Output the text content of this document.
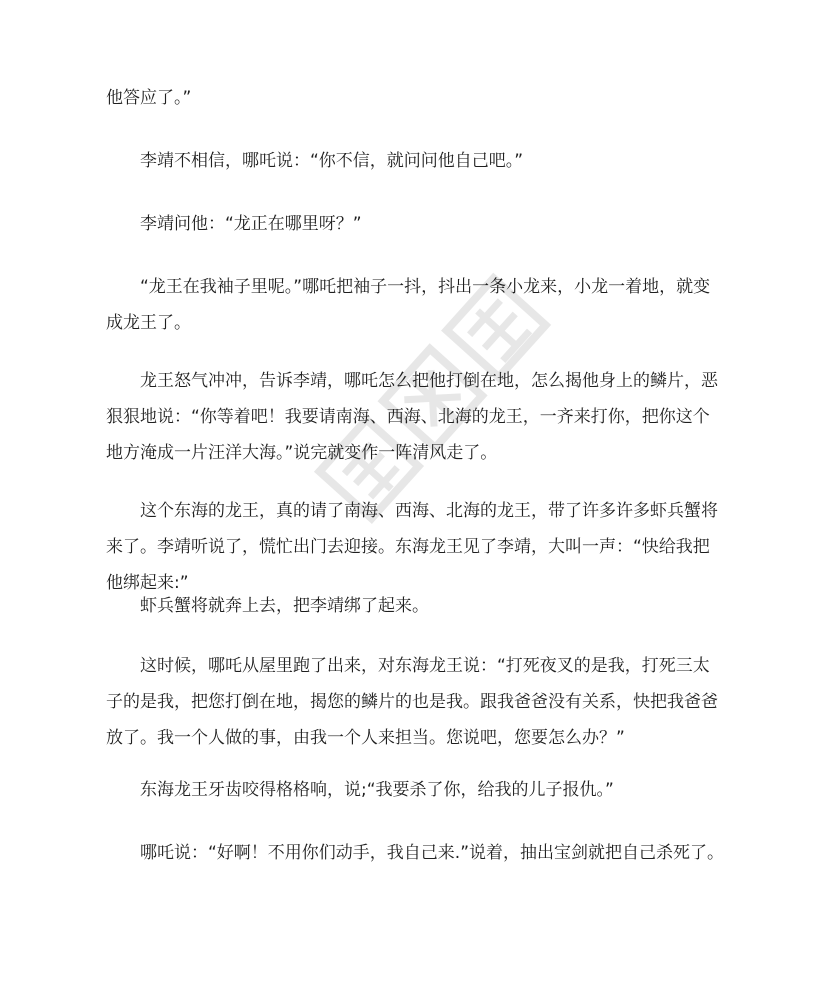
他答应了。”

李靖不相信，哪吒说：“你不信，就问问他自己吧。”

李靖问他：“龙正在哪里呀？”

“龙王在我袖子里呢。”哪吒把袖子一抖，抖出一条小龙来，小龙一着地，就变成龙王了。

龙王怒气冲冲，告诉李靖，哪吒怎么把他打倒在地，怎么揭他身上的鳞片，恶狠狠地说：“你等着吧！我要请南海、西海、北海的龙王，一齐来打你，把你这个地方淹成一片汪洋大海。”说完就变作一阵清风走了。

这个东海的龙王，真的请了南海、西海、北海的龙王，带了许多许多虾兵蟹将来了。李靖听说了，慌忙出门去迎接。东海龙王见了李靖，大叫一声：“快给我把他绑起来:”

虾兵蟹将就奔上去，把李靖绑了起来。

这时候，哪吒从屋里跑了出来，对东海龙王说：“打死夜叉的是我，打死三太子的是我，把您打倒在地，揭您的鳞片的也是我。跟我爸爸没有关系，快把我爸爸放了。我一个人做的事，由我一个人来担当。您说吧，您要怎么办？”

东海龙王牙齿咬得格格响，说;“我要杀了你，给我的儿子报仇。”

哪吒说：“好啊！不用你们动手，我自己来.”说着，抽出宝剑就把自己杀死了。
